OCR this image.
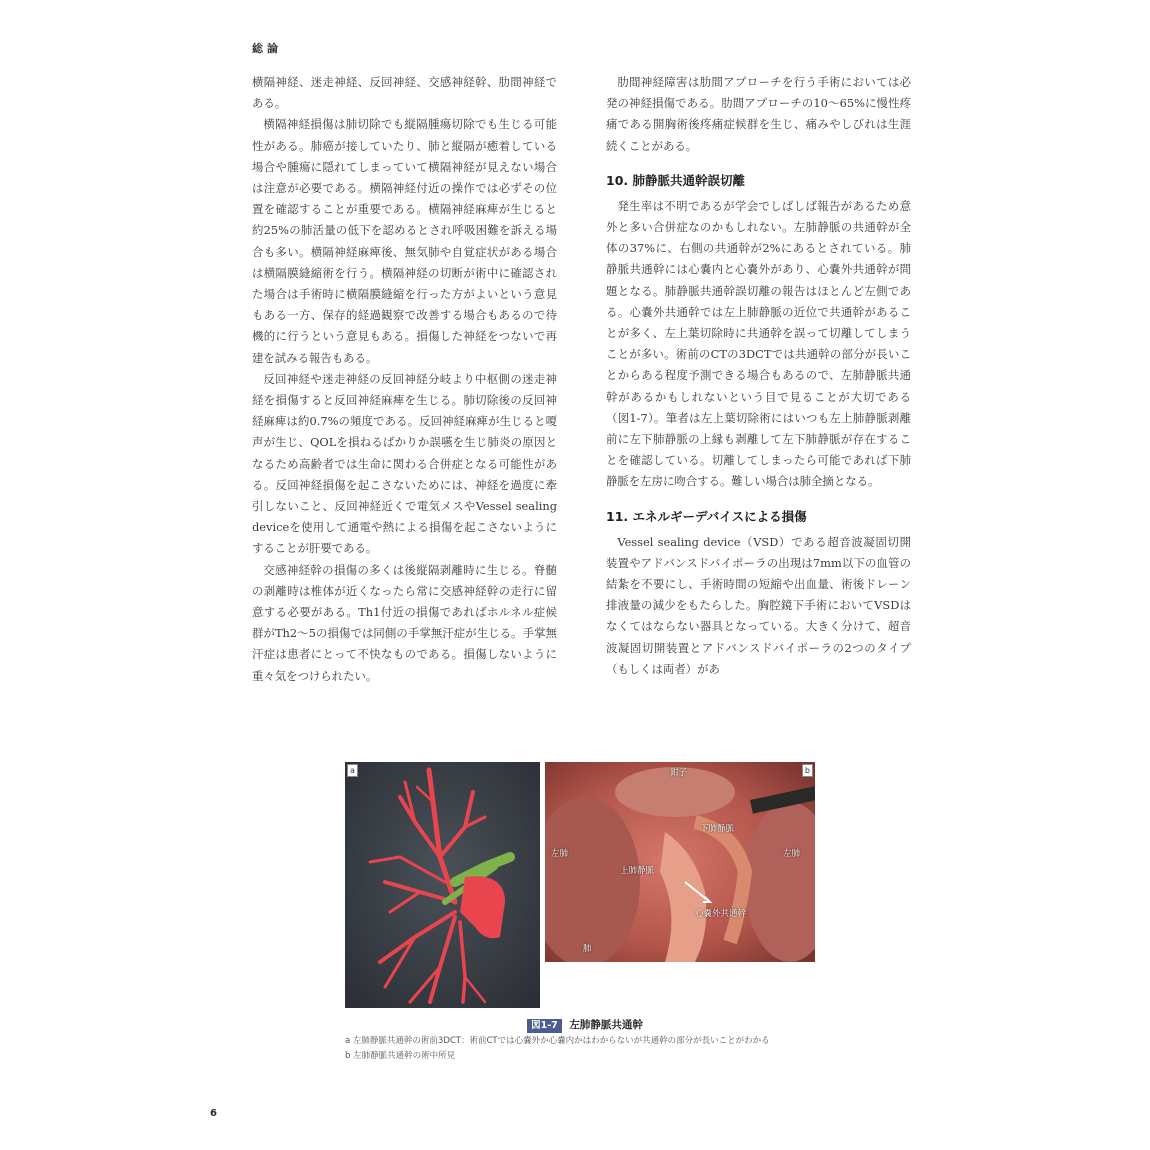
総論

横隔神経、迷走神経、反回神経、交感神経幹、肋間神経である。

横隔神経損傷は肺切除でも縦隔腫瘍切除でも生じる可能性がある。肺癌が接していたり、肺と縦隔が癒着している場合や腫瘍に隠れてしまっていて横隔神経が見えない場合は注意が必要である。横隔神経付近の操作では必ずその位置を確認することが重要である。横隔神経麻痺が生じると約25%の肺活量の低下を認めるとされ呼吸困難を訴える場合も多い。横隔神経麻痺後、無気肺や自覚症状がある場合は横隔膜縫縮術を行う。横隔神経の切断が術中に確認された場合は手術時に横隔膜縫縮を行った方がよいという意見もある一方、保存的経過観察で改善する場合もあるので待機的に行うという意見もある。損傷した神経をつないで再建を試みる報告もある。

反回神経や迷走神経の反回神経分岐より中枢側の迷走神経を損傷すると反回神経麻痺を生じる。肺切除後の反回神経麻痺は約0.7%の頻度である。反回神経麻痺が生じると嗄声が生じ、QOLを損ねるばかりか誤嚥を生じ肺炎の原因となるため高齢者では生命に関わる合併症となる可能性がある。反回神経損傷を起こさないためには、神経を過度に牽引しないこと、反回神経近くで電気メスやVessel sealing deviceを使用して通電や熱による損傷を起こさないようにすることが肝要である。

交感神経幹の損傷の多くは後縦隔剥離時に生じる。脊髄の剥離時は椎体が近くなったら常に交感神経幹の走行に留意する必要がある。Th1付近の損傷であればホルネル症候群がTh2〜5の損傷では同側の手掌無汗症が生じる。手掌無汗症は患者にとって不快なものである。損傷しないように重々気をつけられたい。

肋間神経障害は肋間アプローチを行う手術においては必発の神経損傷である。肋間アプローチの10〜65%に慢性疼痛である開胸術後疼痛症候群を生じ、痛みやしびれは生涯続くことがある。

10. 肺静脈共通幹誤切離

発生率は不明であるが学会でしばしば報告があるため意外と多い合併症なのかもしれない。左肺静脈の共通幹が全体の37%に、右側の共通幹が2%にあるとされている。肺静脈共通幹には心嚢内と心嚢外があり、心嚢外共通幹が問題となる。肺静脈共通幹誤切離の報告はほとんど左側である。心嚢外共通幹では左上肺静脈の近位で共通幹があることが多く、左上葉切除時に共通幹を誤って切離してしまうことが多い。術前のCTの3DCTでは共通幹の部分が長いことからある程度予測できる場合もあるので、左肺静脈共通幹があるかもしれないという目で見ることが大切である（図1-7）。筆者は左上葉切除術にはいつも左上肺静脈剥離前に左下肺静脈の上縁も剥離して左下肺静脈が存在することを確認している。切離してしまったら可能であれば下肺静脈を左房に吻合する。難しい場合は肺全摘となる。

11. エネルギーデバイスによる損傷

Vessel sealing device（VSD）である超音波凝固切開装置やアドバンスドバイポーラの出現は7mm以下の血管の結紮を不要にし、手術時間の短縮や出血量、術後ドレーン排液量の減少をもたらした。胸腔鏡下手術においてVSDはなくてはならない器具となっている。大きく分けて、超音波凝固切開装置とアドバンスドバイポーラの2つのタイプ（もしくは両者）があ

a	b
鉗子
下肺静脈
上肺静脈
心嚢外共通幹
左肺	左肺
肺
図1-7 左肺静脈共通幹
a 左肺静脈共通幹の術前3DCT：術前CTでは心嚢外か心嚢内かはわからないが共通幹の部分が長いことがわかる
b 左肺静脈共通幹の術中所見
6
